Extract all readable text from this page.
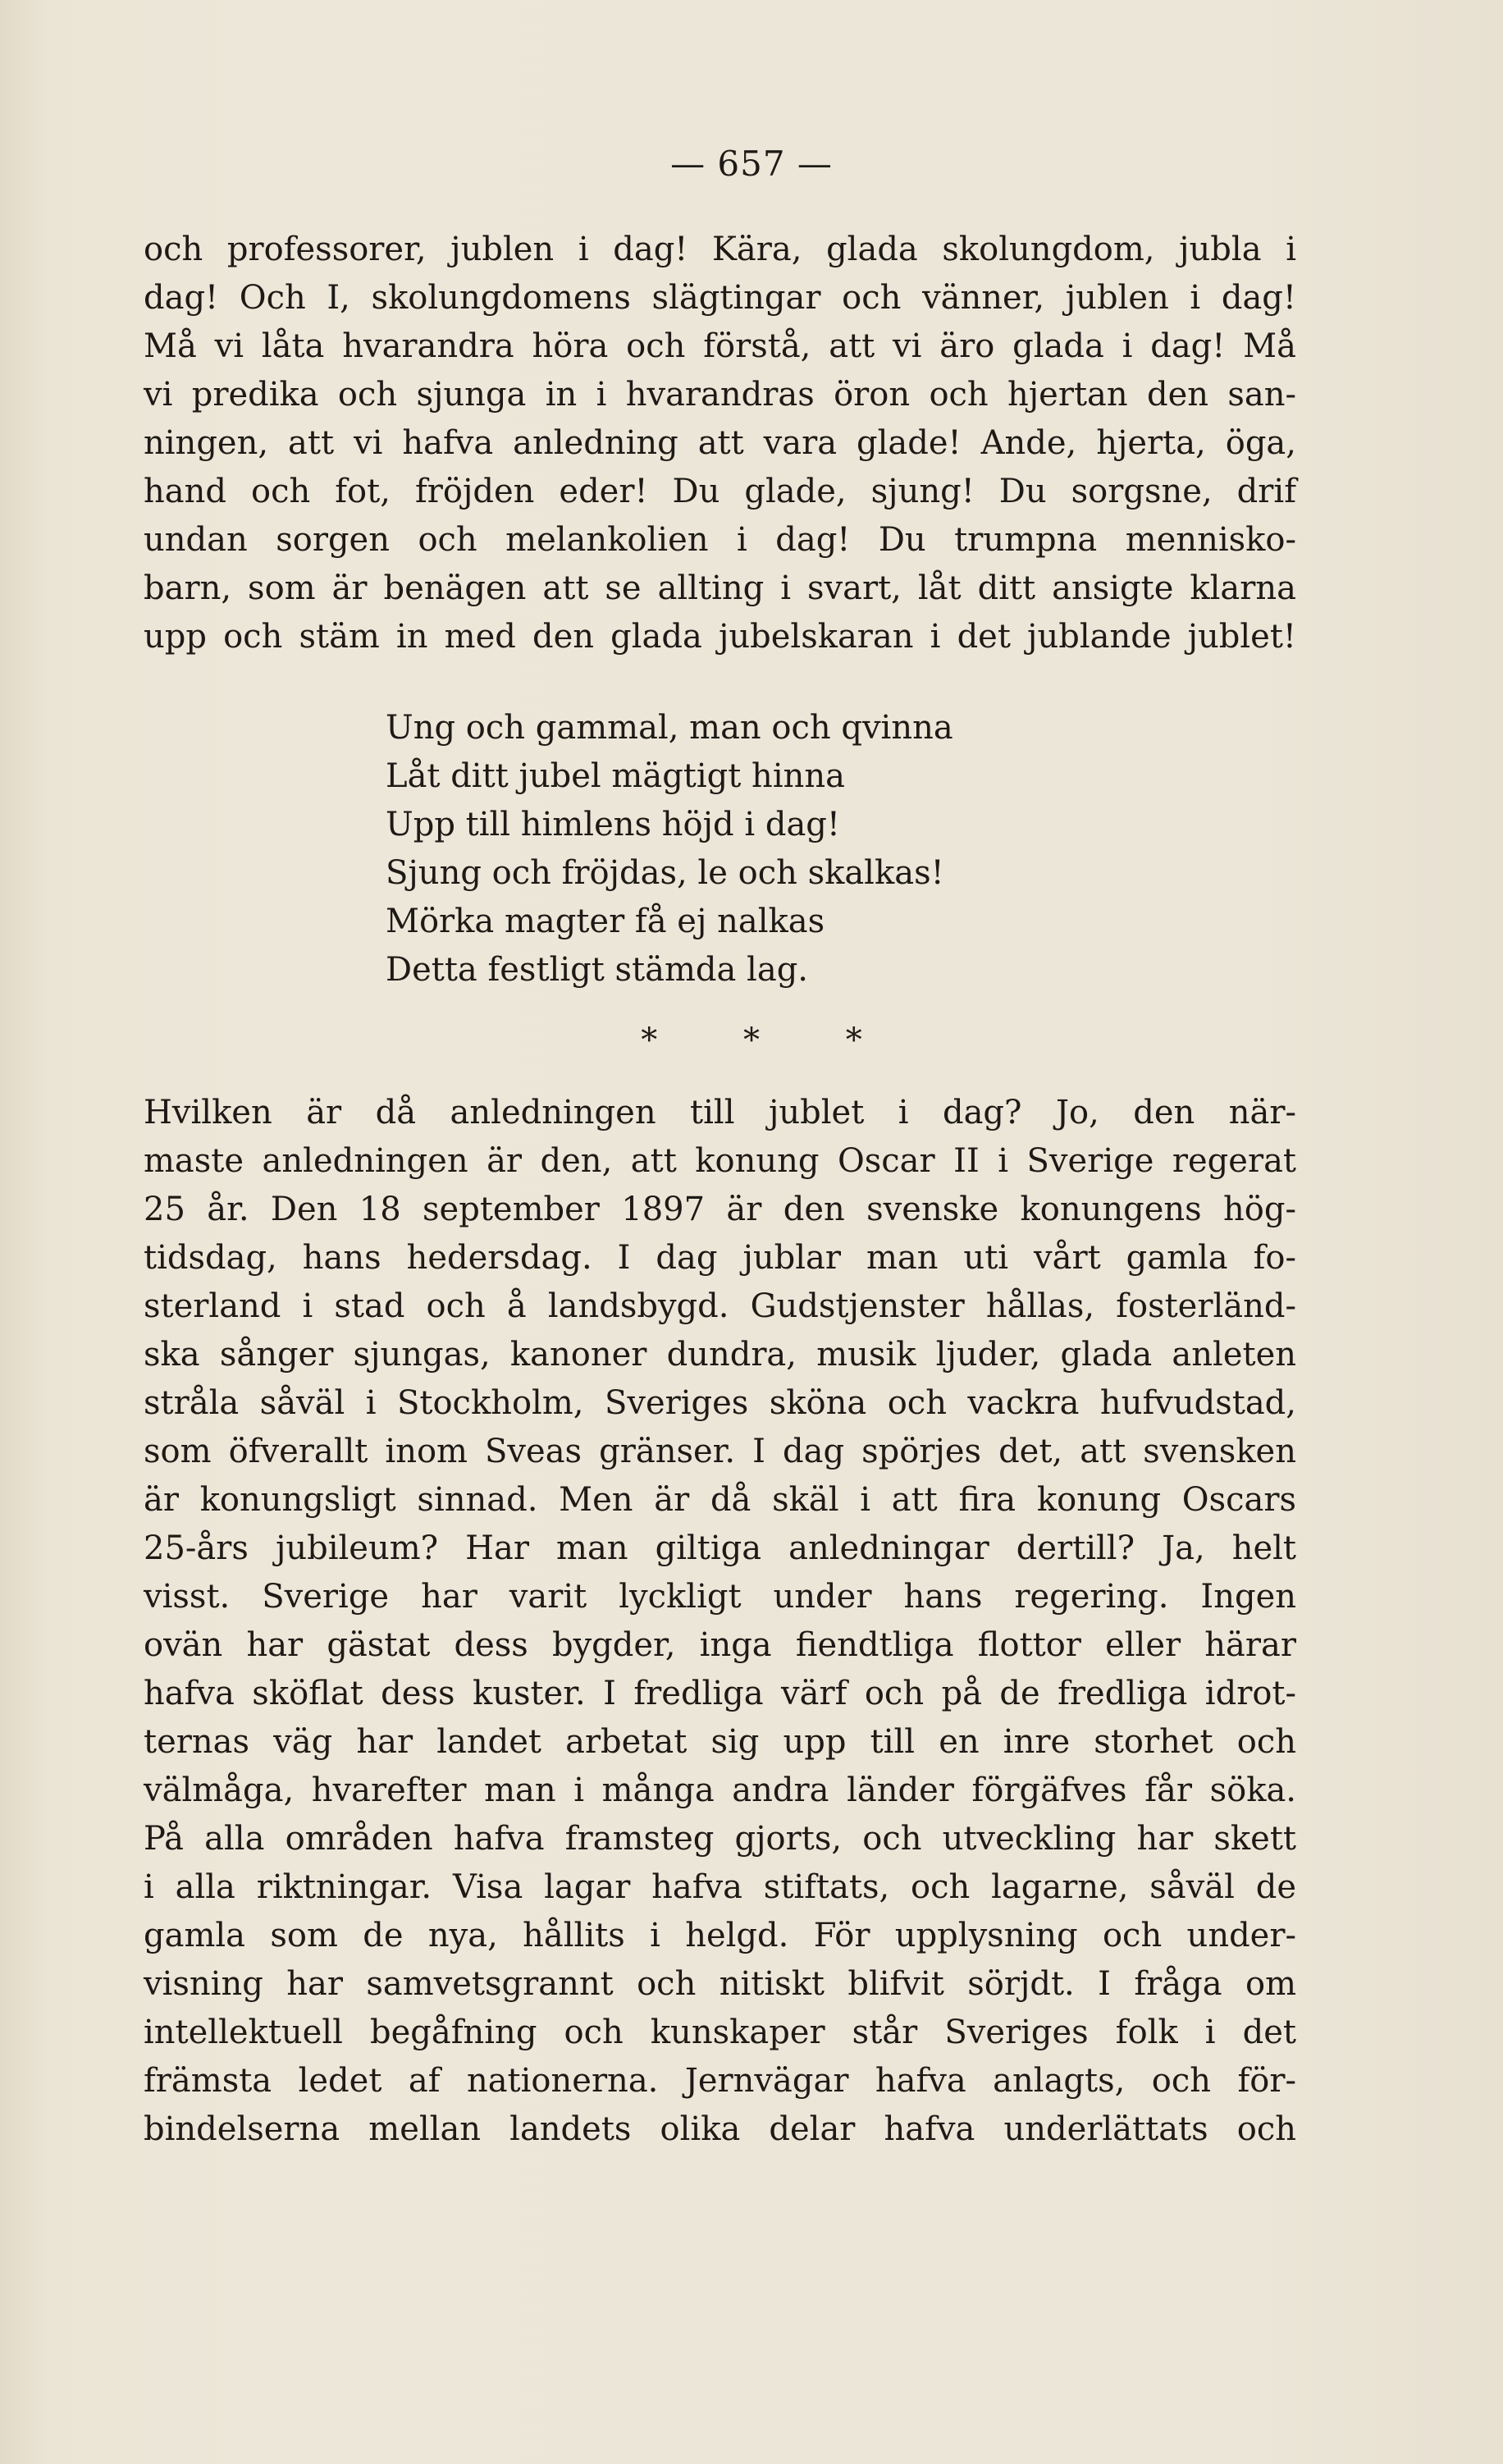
— 657 —
och professorer, jublen i dag! Kära, glada skolungdom, jubla i
dag! Och I, skolungdomens slägtingar och vänner, jublen i dag!
Må vi låta hvarandra höra och förstå, att vi äro glada i dag! Må
vi predika och sjunga in i hvarandras öron och hjertan den san-
ningen, att vi hafva anledning att vara glade! Ande, hjerta, öga,
hand och fot, fröjden eder! Du glade, sjung! Du sorgsne, drif
undan sorgen och melankolien i dag! Du trumpna mennisko-
barn, som är benägen att se allting i svart, låt ditt ansigte klarna
upp och stäm in med den glada jubelskaran i det jublande jublet!
Ung och gammal, man och qvinna
Låt ditt jubel mägtigt hinna
Upp till himlens höjd i dag!
Sjung och fröjdas, le och skalkas!
Mörka magter få ej nalkas
Detta festligt stämda lag.
* * *
Hvilken är då anledningen till jublet i dag? Jo, den när-
maste anledningen är den, att konung Oscar II i Sverige regerat
25 år. Den 18 september 1897 är den svenske konungens hög-
tidsdag, hans hedersdag. I dag jublar man uti vårt gamla fo-
sterland i stad och å landsbygd. Gudstjenster hållas, fosterländ-
ska sånger sjungas, kanoner dundra, musik ljuder, glada anleten
stråla såväl i Stockholm, Sveriges sköna och vackra hufvudstad,
som öfverallt inom Sveas gränser. I dag spörjes det, att svensken
är konungsligt sinnad. Men är då skäl i att fira konung Oscars
25-års jubileum? Har man giltiga anledningar dertill? Ja, helt
visst. Sverige har varit lyckligt under hans regering. Ingen
ovän har gästat dess bygder, inga fiendtliga flottor eller härar
hafva sköflat dess kuster. I fredliga värf och på de fredliga idrot-
ternas väg har landet arbetat sig upp till en inre storhet och
välmåga, hvarefter man i många andra länder förgäfves får söka.
På alla områden hafva framsteg gjorts, och utveckling har skett
i alla riktningar. Visa lagar hafva stiftats, och lagarne, såväl de
gamla som de nya, hållits i helgd. För upplysning och under-
visning har samvetsgrannt och nitiskt blifvit sörjdt. I fråga om
intellektuell begåfning och kunskaper står Sveriges folk i det
främsta ledet af nationerna. Jernvägar hafva anlagts, och för-
bindelserna mellan landets olika delar hafva underlättats och
